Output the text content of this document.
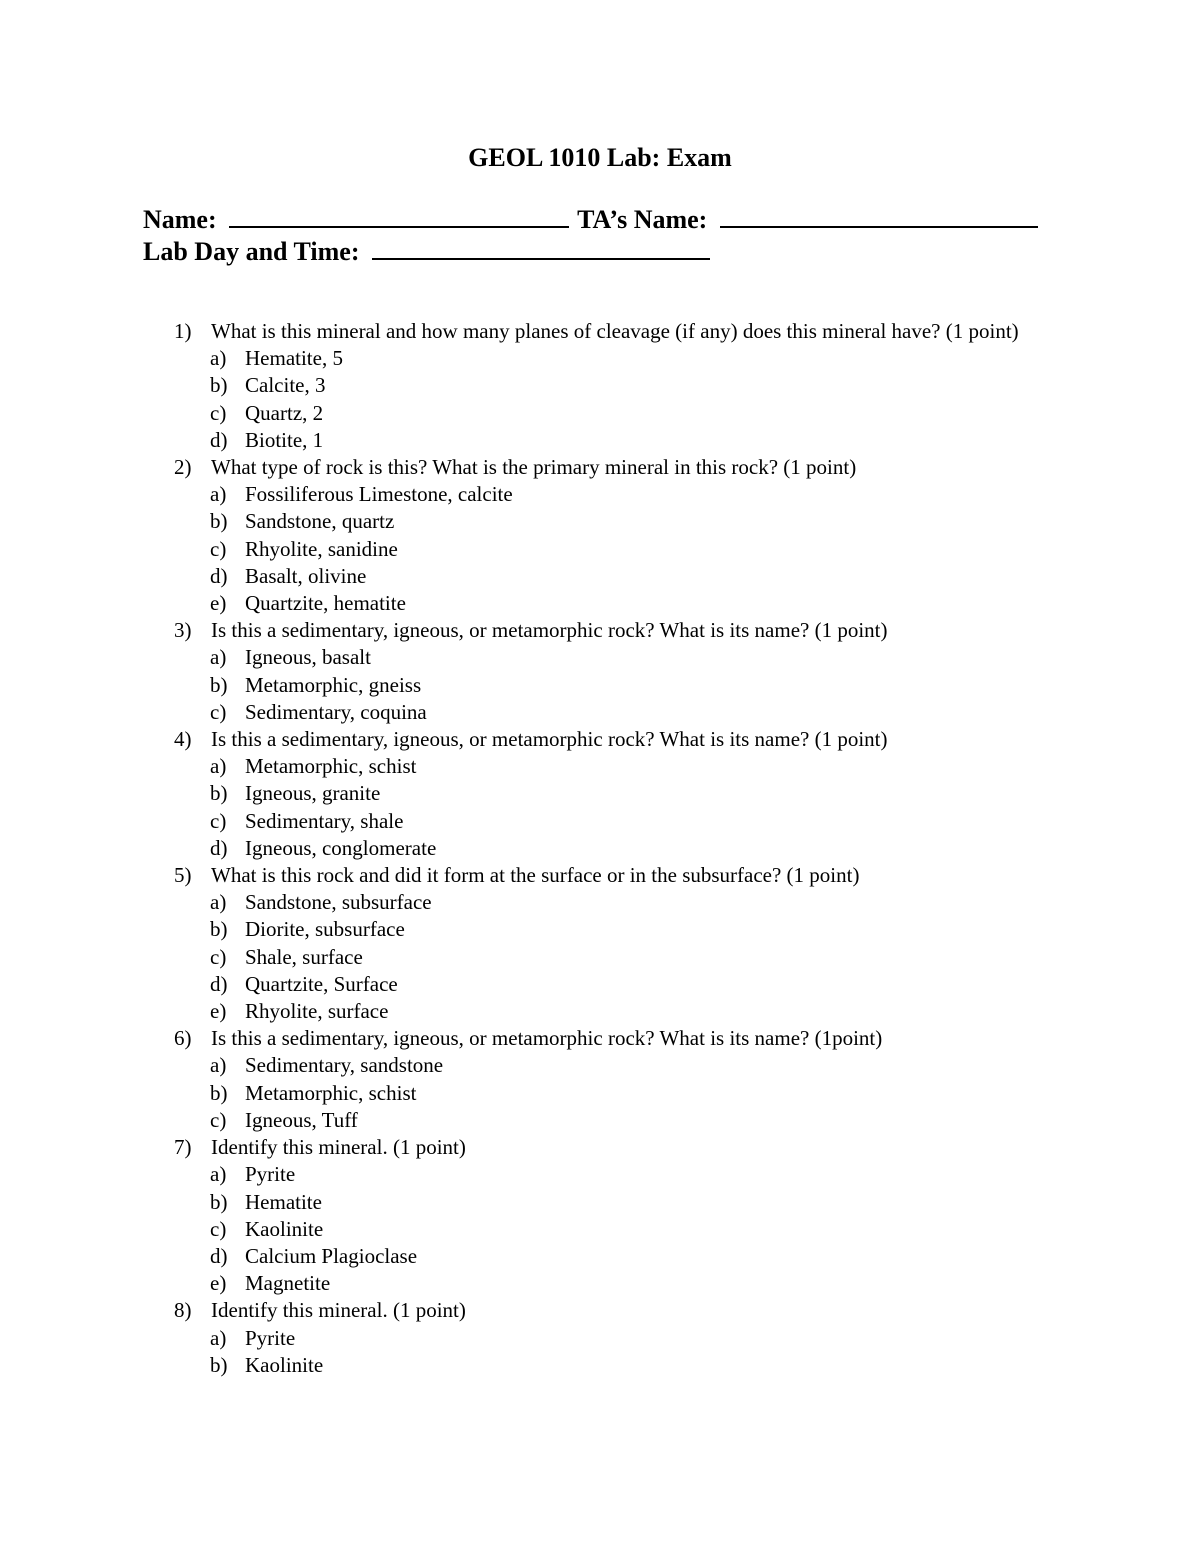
GEOL 1010 Lab: Exam
Name:	TA’s Name:
Lab Day and Time:
1) What is this mineral and how many planes of cleavage (if any) does this mineral have? (1 point)
a) Hematite, 5
b) Calcite, 3
c) Quartz, 2
d) Biotite, 1
2) What type of rock is this? What is the primary mineral in this rock? (1 point)
a) Fossiliferous Limestone, calcite
b) Sandstone, quartz
c) Rhyolite, sanidine
d) Basalt, olivine
e) Quartzite, hematite
3) Is this a sedimentary, igneous, or metamorphic rock? What is its name? (1 point)
a) Igneous, basalt
b) Metamorphic, gneiss
c) Sedimentary, coquina
4) Is this a sedimentary, igneous, or metamorphic rock? What is its name? (1 point)
a) Metamorphic, schist
b) Igneous, granite
c) Sedimentary, shale
d) Igneous, conglomerate
5) What is this rock and did it form at the surface or in the subsurface? (1 point)
a) Sandstone, subsurface
b) Diorite, subsurface
c) Shale, surface
d) Quartzite, Surface
e) Rhyolite, surface
6) Is this a sedimentary, igneous, or metamorphic rock? What is its name? (1point)
a) Sedimentary, sandstone
b) Metamorphic, schist
c) Igneous, Tuff
7) Identify this mineral. (1 point)
a) Pyrite
b) Hematite
c) Kaolinite
d) Calcium Plagioclase
e) Magnetite
8) Identify this mineral. (1 point)
a) Pyrite
b) Kaolinite
